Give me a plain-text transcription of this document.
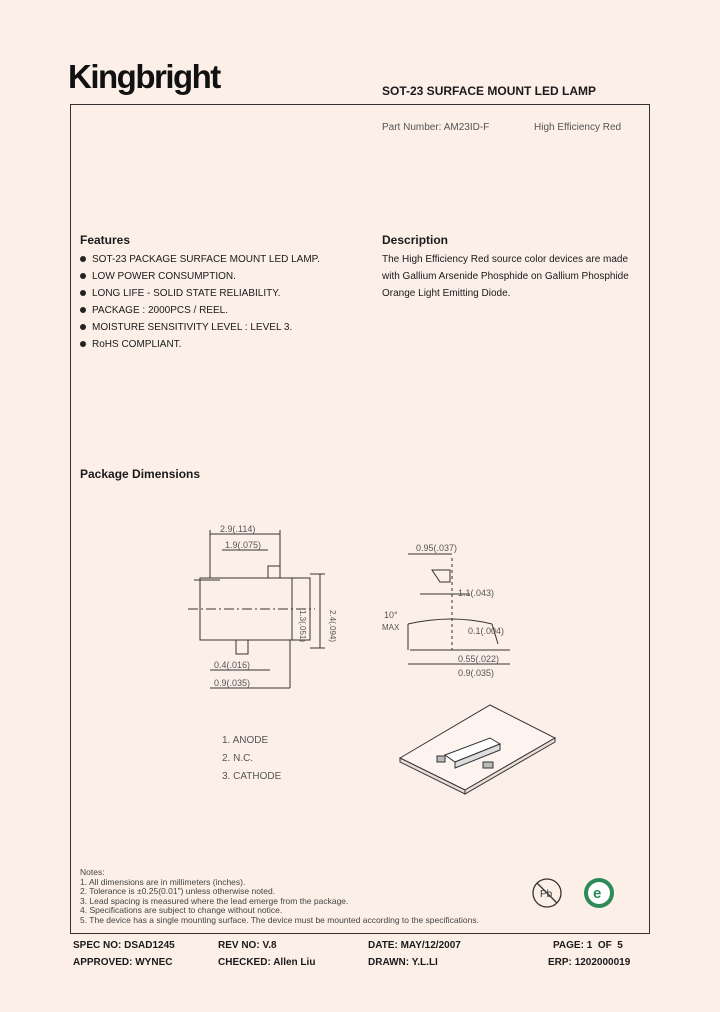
Kingbright	SOT-23 SURFACE MOUNT LED LAMP
Part Number: AM23ID-F	High Efficiency Red
Features
SOT-23 PACKAGE SURFACE MOUNT LED LAMP.
LOW POWER CONSUMPTION.
LONG LIFE - SOLID STATE RELIABILITY.
PACKAGE : 2000PCS / REEL.
MOISTURE SENSITIVITY LEVEL : LEVEL 3.
RoHS COMPLIANT.
Description
The High Efficiency Red source color devices are made
with Gallium Arsenide Phosphide on Gallium Phosphide
Orange Light Emitting Diode.
Package Dimensions
2.9(.114)
1.9(.075)
0.4(.016)
0.9(.035)
2.4(.094)
1.3(.051)
0.95(.037)
1.1(.043)
10°
MAX	0.1(.004)
0.55(.022)
0.9(.035)
1. ANODE
2. N.C.
3. CATHODE
Notes:
1. All dimensions are in millimeters (inches).
2. Tolerance is ±0.25(0.01") unless otherwise noted.
3. Lead spacing is measured where the lead emerge from the package.
4. Specifications are subject to change without notice.
5. The device has a single mounting surface. The device must be mounted according to the specifications.
Pb	e
SPEC NO: DSAD1245	REV NO: V.8	DATE: MAY/12/2007	PAGE: 1  OF  5
APPROVED: WYNEC	CHECKED: Allen Liu	DRAWN: Y.L.LI	ERP: 1202000019
